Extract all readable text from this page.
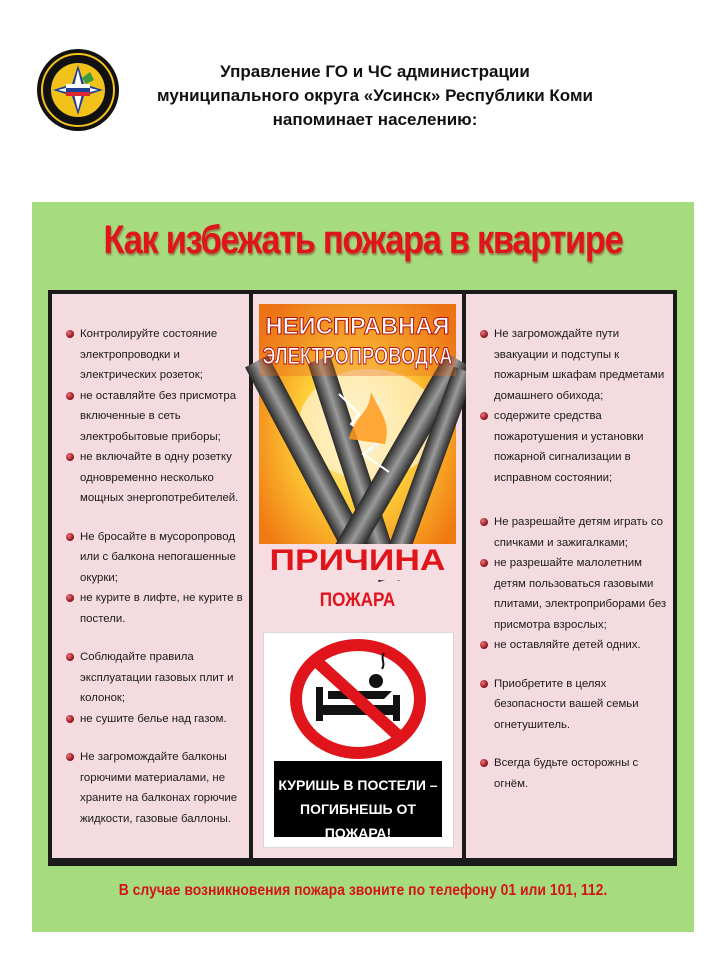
Управление ГО и ЧС администрации
муниципального округа «Усинск» Республики Коми
напоминает населению:
Как избежать пожара в квартире
Контролируйте состояние электропроводки и электрических розеток;
не оставляйте без присмотра включенные в сеть электробытовые приборы;
не включайте в одну розетку одновременно несколько мощных энергопотребителей.
Не бросайте в мусоропровод или с балкона непогашенные окурки;
не курите в лифте, не курите в постели.
Соблюдайте правила эксплуатации газовых плит и колонок;
не сушите белье над газом.
Не загромождайте балконы горючими материалами, не храните на балконах горючие жидкости, газовые баллоны.
НЕИСПРАВНАЯ
ЭЛЕКТРОПРОВОДКА
ПРИЧИНА
ПОЖАРА
КУРИШЬ В ПОСТЕЛИ –
ПОГИБНЕШЬ ОТ ПОЖАРА!
Не загромождайте пути эвакуации и подступы к пожарным шкафам предметами домашнего обихода;
содержите средства пожаротушения и установки пожарной сигнализации в исправном состоянии;
Не разрешайте детям играть со спичками и зажигалками;
не разрешайте малолетним детям пользоваться газовыми плитами, электроприборами без присмотра взрослых;
не оставляйте детей одних.
Приобретите в целях безопасности вашей семьи огнетушитель.
Всегда будьте осторожны с огнём.
В случае возникновения пожара звоните по телефону 01 или 101, 112.
